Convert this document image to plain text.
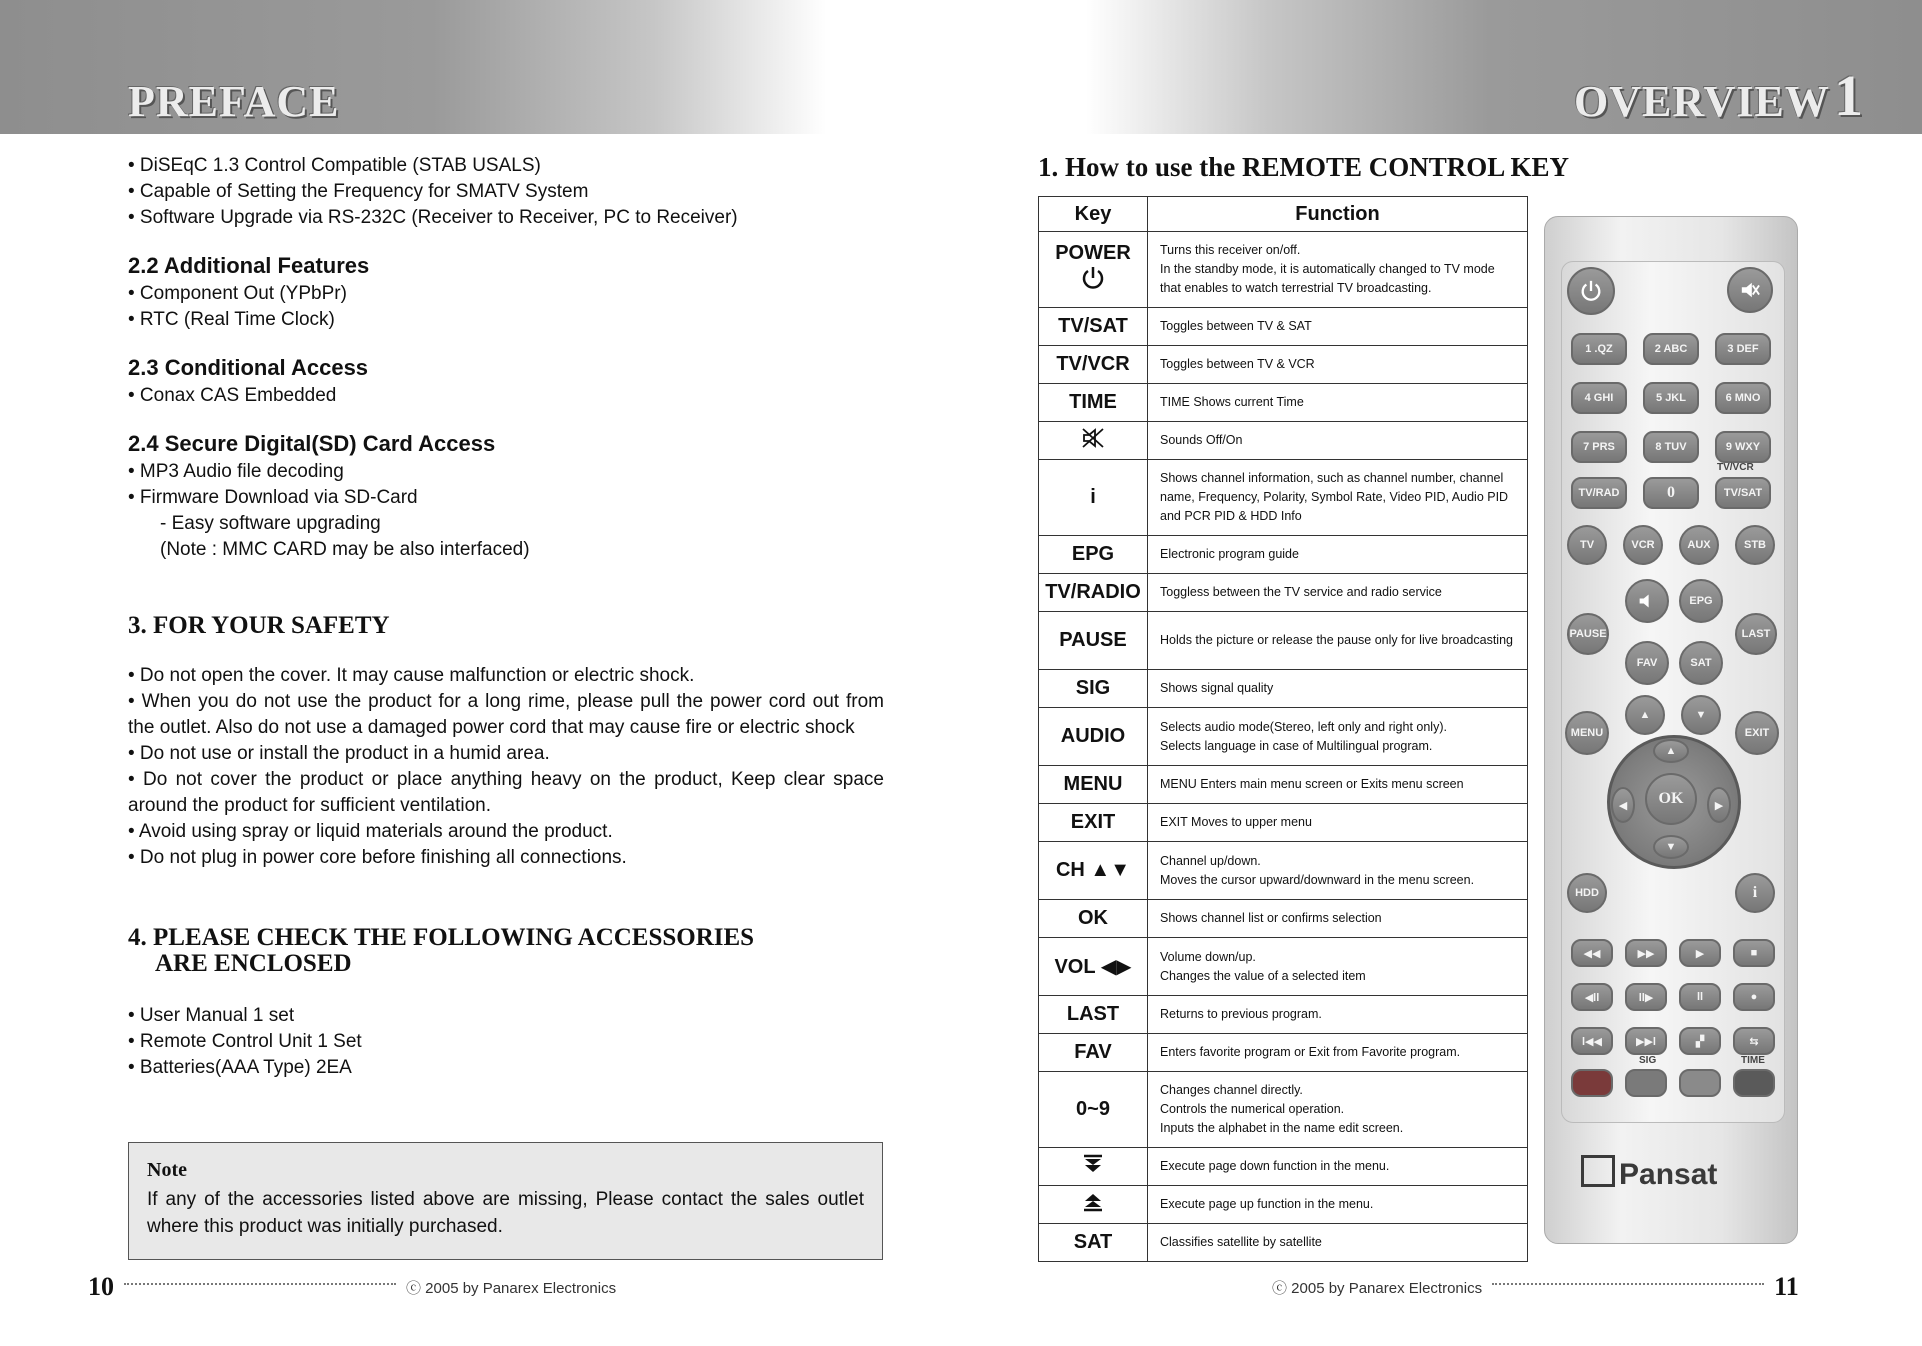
PREFACE	OVERVIEW 1
• DiSEqC 1.3 Control Compatible (STAB USALS)
• Capable of Setting the Frequency for SMATV System
• Software Upgrade via RS-232C (Receiver to Receiver, PC to Receiver)
2.2 Additional Features
• Component Out (YPbPr)
• RTC (Real Time Clock)
2.3 Conditional Access
• Conax CAS Embedded
2.4 Secure Digital(SD) Card Access
• MP3 Audio file decoding
• Firmware Download via SD-Card
- Easy software upgrading
(Note : MMC CARD may be also interfaced)
3. FOR YOUR SAFETY
• Do not open the cover. It may cause malfunction or electric shock.
• When you do not use the product for a long rime, please pull the power cord out from the outlet. Also do not use a damaged power cord that may cause fire or electric shock
• Do not use or install the product in a humid area.
• Do not cover the product or place anything heavy on the product, Keep clear space around the product for sufficient ventilation.
• Avoid using spray or liquid materials around the product.
• Do not plug in power core before finishing all connections.
4. PLEASE CHECK THE FOLLOWING ACCESSORIES
ARE ENCLOSED
• User Manual 1 set
• Remote Control Unit 1 Set
• Batteries(AAA Type) 2EA
Note
If any of the accessories listed above are missing, Please contact the sales outlet where this product was initially purchased.
10	ⓒ 2005 by Panarex Electronics
1. How to use the REMOTE CONTROL KEY
Key	Function
POWER	Turns this receiver on/off.
In the standby mode, it is automatically changed to TV mode that enables to watch terrestrial TV broadcasting.
TV/SAT	Toggles between TV & SAT
TV/VCR	Toggles between TV & VCR
TIME	TIME Shows current Time
	Sounds Off/On
i	Shows channel information, such as channel number, channel name, Frequency, Polarity, Symbol Rate, Video PID, Audio PID and PCR PID & HDD Info
EPG	Electronic program guide
TV/RADIO	Toggless between the TV service and radio service
PAUSE	Holds the picture or release the pause only for live broadcasting
SIG	Shows signal quality
AUDIO	Selects audio mode(Stereo, left only and right only).
Selects language in case of Multilingual program.
MENU	MENU Enters main menu screen or Exits menu screen
EXIT	EXIT Moves to upper menu
CH ▲▼	Channel up/down.
Moves the cursor upward/downward in the menu screen.
OK	Shows channel list or confirms selection
VOL ◀▶	Volume down/up.
Changes the value of a selected item
LAST	Returns to previous program.
FAV	Enters favorite program or Exit from Favorite program.
0~9	Changes channel directly.
Controls the numerical operation.
Inputs the alphabet in the name edit screen.
	Execute page down function in the menu.
	Execute page up function in the menu.
SAT	Classifies satellite by satellite
1 .QZ	2 ABC	3 DEF
4 GHI	5 JKL	6 MNO
7 PRS	8 TUV	9 WXY
TV/VCR
TV/RAD	0	TV/SAT
TV	VCR	AUX	STB
EPG
PAUSE	LAST
FAV	SAT
▲	▼
MENU	EXIT
▲
▼
◀	▶
OK
HDD	i
◀◀	▶▶	▶	■
◀ll	ll▶	ll	●
l◀◀	▶▶l	▞	⇆
SIG	TIME
Pansat
ⓒ 2005 by Panarex Electronics	11
